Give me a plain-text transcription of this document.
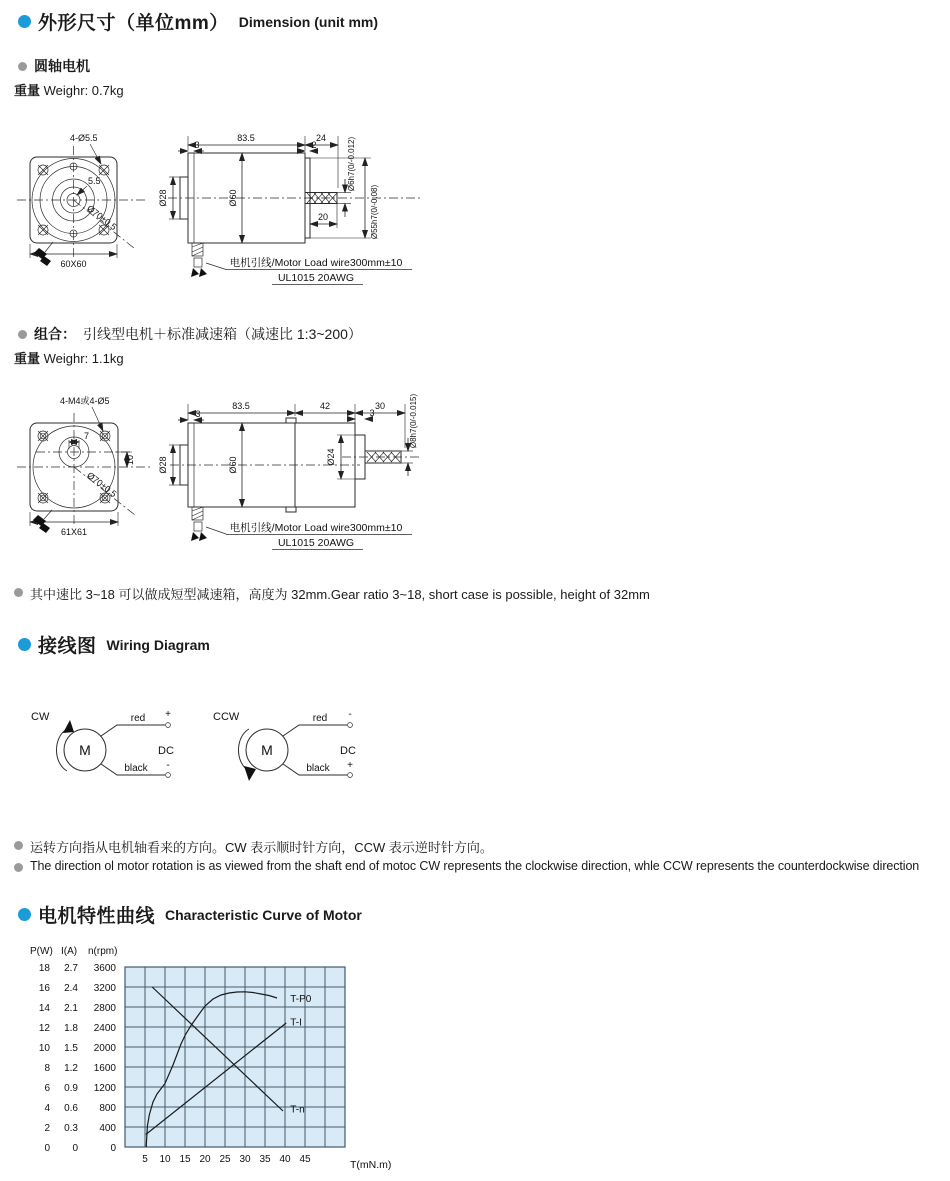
外形尺寸（单位mm） Dimension (unit mm)
圆轴电机
重量 Weighr: 0.7kg
4-Ø5.5
5.5
Ø70±0.5
60X60
83.5	24
3	2
Ø28	Ø60
20
Ø6h7(0/-0.012)
Ø55h7(0/-0.08)
电机引线/Motor Load wire300mm±10
UL1015 20AWG
组合： 引线型电机＋标准减速箱（减速比 1:3~200）
重量 Weighr: 1.1kg
4-M4或4-Ø5
7
10
Ø70±0.5
61X61
83.5	42	30
3	3
Ø28	Ø60	Ø24
Ø8h7(0/-0.015)
电机引线/Motor Load wire300mm±10
UL1015 20AWG
其中速比 3~18 可以做成短型减速箱，高度为 32mm.Gear ratio 3~18, short case is possible, height of 32mm
接线图 Wiring Diagram
CW
M
+
red
-
black
DC
CCW
M
-
red
+
black
DC
运转方向指从电机轴看来的方向。CW 表示顺时针方向，CCW 表示逆时针方向。
The direction ol motor rotation is as viewed from the shaft end of motoc CW represents the clockwise direction, whle CCW represents the counterdockwise direction
电机特性曲线 Characteristic Curve of Motor
P(W)
18
16
14
12
10
8
6
4
2
0
I(A)
2.7
2.4
2.1
1.8
1.5
1.2
0.9
0.6
0.3
0
n(rpm)
3600
3200
2800
2400
2000
1600
1200
800
400
0
5 10 15 20 25 30 35 40 45	T(mN.m)
T-P0
T-I
T-n
